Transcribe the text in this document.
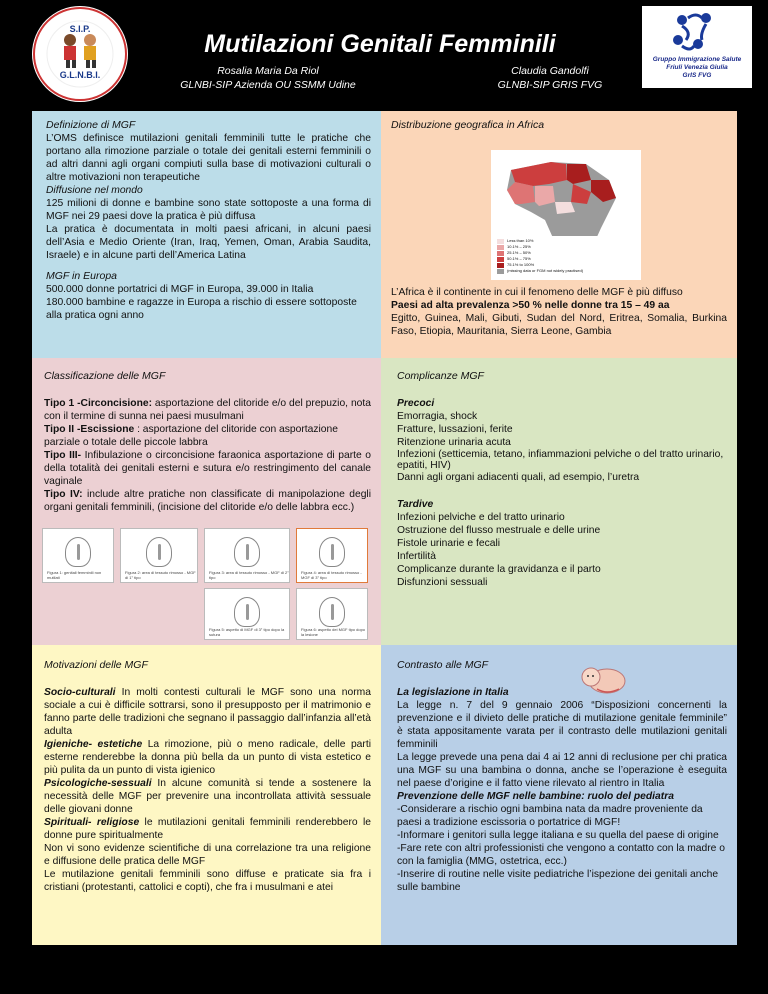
S.I.P.
G.L.N.B.I.
Mutilazioni Genitali Femminili
Rosalia Maria Da Riol
GLNBI-SIP Azienda OU SSMM Udine
Claudia Gandolfi
GLNBI-SIP GRIS FVG
Gruppo Immigrazione Salute
Friuli Venezia Giulia
GrIS FVG
Definizione di MGF
L’OMS definisce mutilazioni genitali femminili tutte le pratiche che portano alla rimozione parziale o totale dei genitali esterni femminili o ad altri danni agli organi compiuti sulla base di motivazioni culturali o altre motivazioni non terapeutiche
Diffusione nel mondo
125 milioni di donne e bambine sono state sottoposte a una forma di MGF nei 29 paesi dove la pratica è più diffusa
La pratica è documentata in molti paesi africani, in alcuni paesi dell’Asia e Medio Oriente (Iran, Iraq, Yemen, Oman, Arabia Saudita, Israele) e in alcune parti dell’America Latina
MGF in Europa
500.000 donne portatrici di MGF in Europa, 39.000 in Italia
180.000 bambine e ragazze in Europa a rischio di essere sottoposte alla pratica ogni anno
Distribuzione geografica in Africa
Less than 10%
10.1% – 25%
25.1% – 50%
50.1% – 75%
75.1% to 100%
(missing data or FGM not widely practised)
L’Africa è il continente in cui il fenomeno delle MGF è più diffuso
Paesi ad alta prevalenza >50 % nelle donne tra 15 – 49 aa
Egitto, Guinea, Mali, Gibuti, Sudan del Nord, Eritrea, Somalia, Burkina Faso, Etiopia, Mauritania, Sierra Leone, Gambia
Classificazione delle MGF
Tipo 1 -Circoncisione: asportazione del clitoride e/o del prepuzio, nota con il termine di sunna nei paesi musulmani
Tipo II -Escissione : asportazione del clitoride con asportazione parziale o totale delle piccole labbra
Tipo III- Infibulazione o circoncisione faraonica asportazione di parte o della totalità dei genitali esterni e sutura e/o restringimento del canale vaginale
Tipo IV: include altre pratiche non classificate di manipolazione degli organi genitali femminili, (incisione del clitoride e/o delle labbra ecc.)
Figura 1: genitali femminili non mutilati
Figura 2: area di tessuto rimosso - MGF di 1° tipo
Figura 3: area di tessuto rimosso - MGF di 2° tipo
Figura 4: area di tessuto rimosso - MGF di 3° tipo
Figura 5: aspetto di MGF di 3° tipo dopo la sutura
Figura 6: aspetto dei MGF tipo dopo la lesione
Complicanze MGF
Precoci
Emorragia, shock
Fratture, lussazioni, ferite
Ritenzione urinaria acuta
Infezioni (setticemia, tetano, infiammazioni pelviche o del tratto urinario, epatiti, HIV)
Danni agli organi adiacenti quali, ad esempio, l’uretra
Tardive
Infezioni pelviche e del tratto urinario
Ostruzione del flusso mestruale e delle urine
Fistole urinarie e fecali
Infertilità
Complicanze durante la gravidanza e il parto
Disfunzioni sessuali
Motivazioni delle MGF
Socio-culturali In molti contesti culturali le MGF sono una norma sociale a cui è difficile sottrarsi, sono il presupposto per il matrimonio e fanno parte delle tradizioni che segnano il passaggio dall’infanzia all’età adulta
Igieniche- estetiche La rimozione, più o meno radicale, delle parti esterne renderebbe la donna più bella da un punto di vista estetico e più pulita da un punto di vista igienico
Psicologiche-sessuali In alcune comunità si tende a sostenere la necessità delle MGF per prevenire una incontrollata attività sessuale delle giovani donne
Spirituali- religiose le mutilazioni genitali femminili renderebbero le donne pure spiritualmente
Non vi sono evidenze scientifiche di una correlazione tra una religione e diffusione delle pratica delle MGF
Le mutilazione genitali femminili sono diffuse e praticate sia fra i cristiani (protestanti, cattolici e copti), che fra i musulmani e atei
Contrasto alle MGF
La legislazione in Italia
La legge n. 7 del 9 gennaio 2006 “Disposizioni concernenti la prevenzione e il divieto delle pratiche di mutilazione genitale femminile” è stata appositamente varata per il contrasto delle mutilazioni genitali femminili
La legge prevede una pena dai 4 ai 12 anni di reclusione per chi pratica una MGF su una bambina o donna, anche se l’operazione è eseguita nel paese d’origine e il fatto viene rilevato al rientro in Italia
Prevenzione delle MGF nelle bambine: ruolo del pediatra
-Considerare a rischio ogni bambina nata da madre proveniente da paesi a tradizione escissoria o portatrice di MGF!
-Informare i genitori sulla legge italiana e su quella del paese di origine
-Fare rete con altri professionisti che vengono a contatto con la madre o con la famiglia (MMG, ostetrica, ecc.)
-Inserire di routine nelle visite pediatriche l’ispezione dei genitali anche sulle bambine
